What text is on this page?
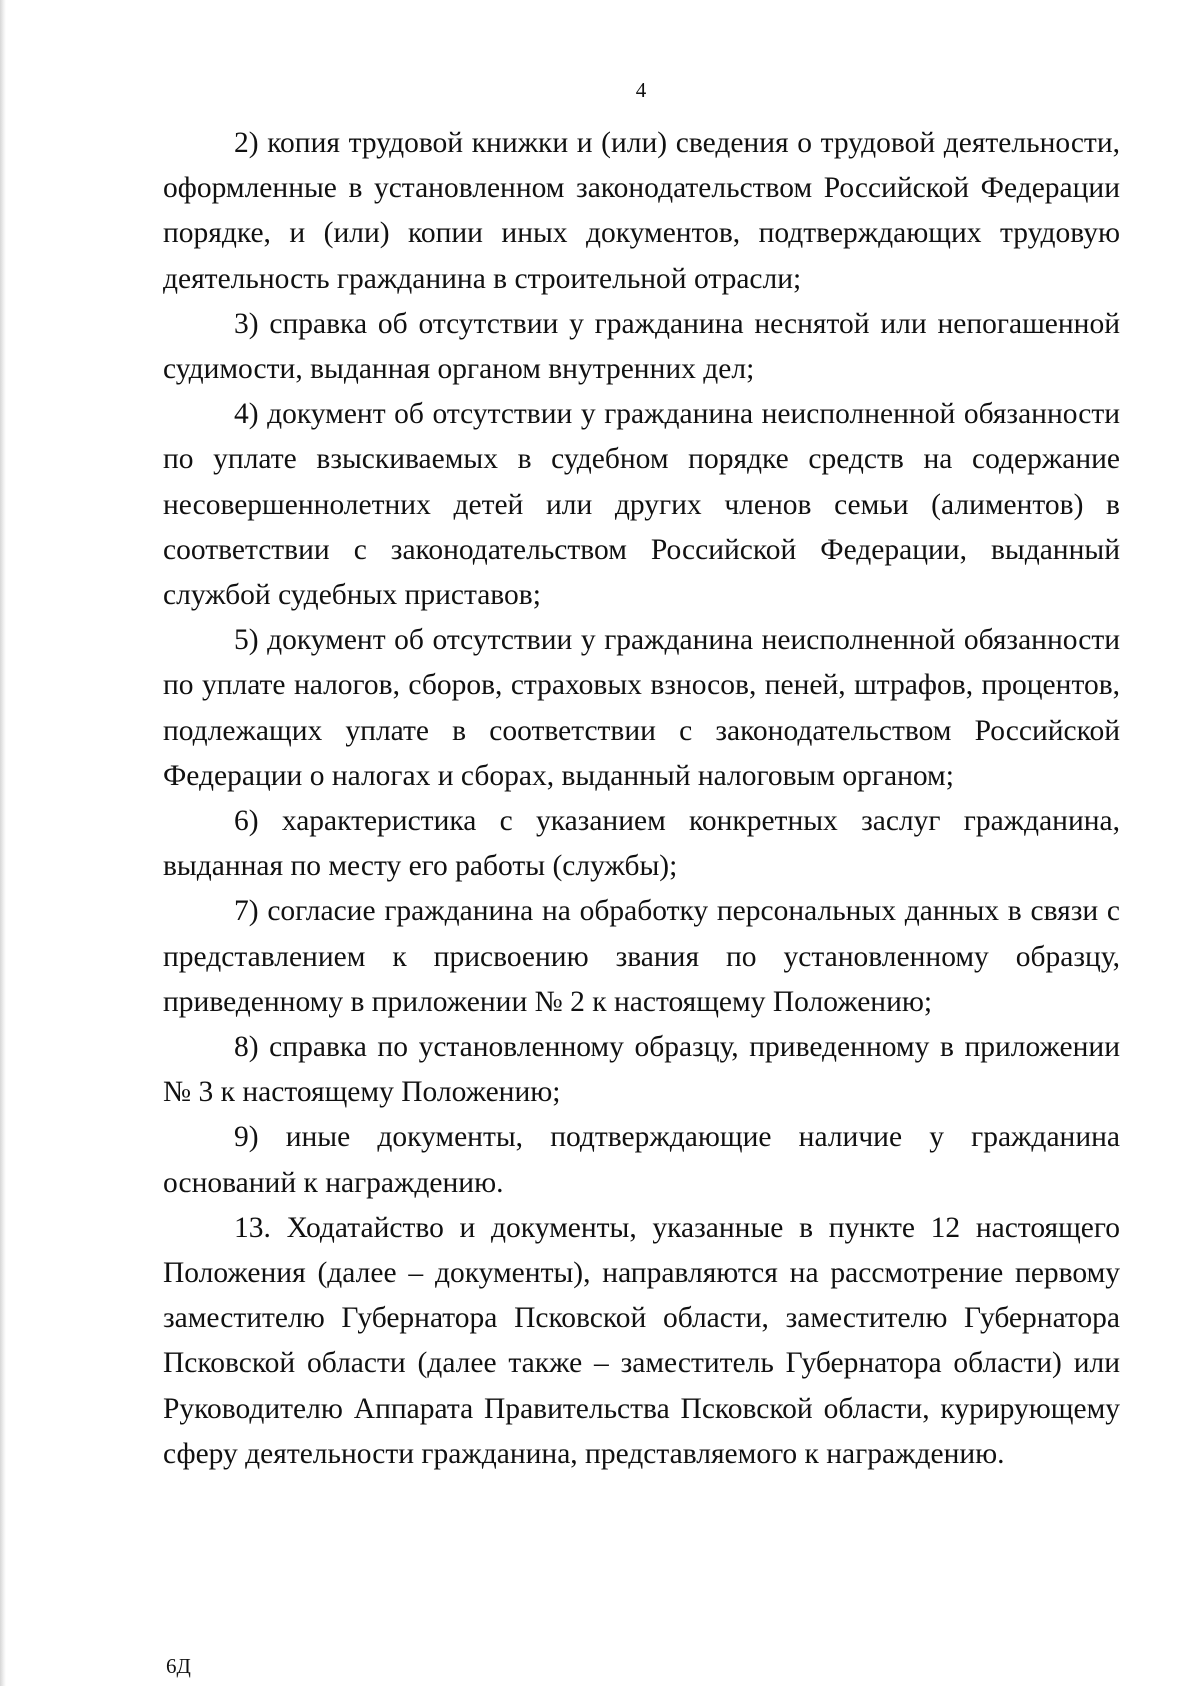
4

2) копия трудовой книжки и (или) сведения о трудовой деятельности, оформленные в установленном законодательством Российской Федерации порядке, и (или) копии иных документов, подтверждающих трудовую деятельность гражданина в строительной отрасли;

3) справка об отсутствии у гражданина неснятой или непогашенной судимости, выданная органом внутренних дел;

4) документ об отсутствии у гражданина неисполненной обязанности по уплате взыскиваемых в судебном порядке средств на содержание несовершеннолетних детей или других членов семьи (алиментов) в соответствии с законодательством Российской Федерации, выданный службой судебных приставов;

5) документ об отсутствии у гражданина неисполненной обязанности по уплате налогов, сборов, страховых взносов, пеней, штрафов, процентов, подлежащих уплате в соответствии с законодательством Российской Федерации о налогах и сборах, выданный налоговым органом;

6) характеристика с указанием конкретных заслуг гражданина, выданная по месту его работы (службы);

7) согласие гражданина на обработку персональных данных в связи с представлением к присвоению звания по установленному образцу, приведенному в приложении № 2 к настоящему Положению;

8) справка по установленному образцу, приведенному в приложении № 3 к настоящему Положению;

9) иные документы, подтверждающие наличие у гражданина оснований к награждению.

13. Ходатайство и документы, указанные в пункте 12 настоящего Положения (далее – документы), направляются на рассмотрение первому заместителю Губернатора Псковской области, заместителю Губернатора Псковской области (далее также – заместитель Губернатора области) или Руководителю Аппарата Правительства Псковской области, курирующему сферу деятельности гражданина, представляемого к награждению.

6Д
